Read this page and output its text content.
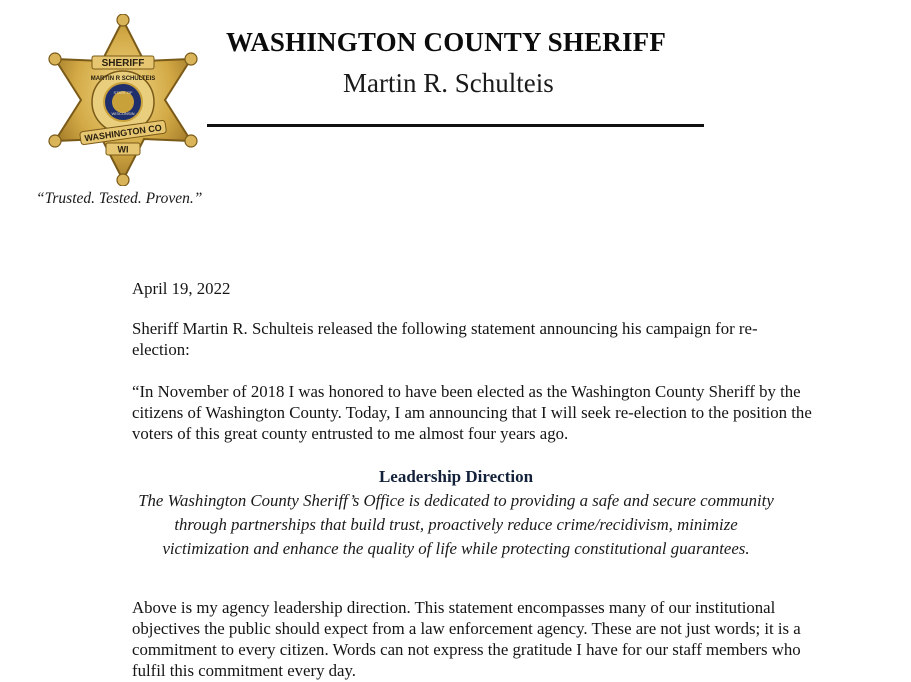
SHERIFF
MARTIN R SCHULTEIS
STATE OF
WISCONSIN
WASHINGTON CO
WI
“Trusted. Tested. Proven.”
WASHINGTON COUNTY SHERIFF
Martin R. Schulteis
April 19, 2022
Sheriff Martin R. Schulteis released the following statement announcing his campaign for re-election:
“In November of 2018 I was honored to have been elected as the Washington County Sheriff by the citizens of Washington County. Today, I am announcing that I will seek re-election to the position the voters of this great county entrusted to me almost four years ago.
Leadership Direction
The Washington County Sheriff’s Office is dedicated to providing a safe and secure community through partnerships that build trust, proactively reduce crime/recidivism, minimize victimization and enhance the quality of life while protecting constitutional guarantees.
Above is my agency leadership direction. This statement encompasses many of our institutional objectives the public should expect from a law enforcement agency. These are not just words; it is a commitment to every citizen. Words can not express the gratitude I have for our staff members who fulfil this commitment every day.
